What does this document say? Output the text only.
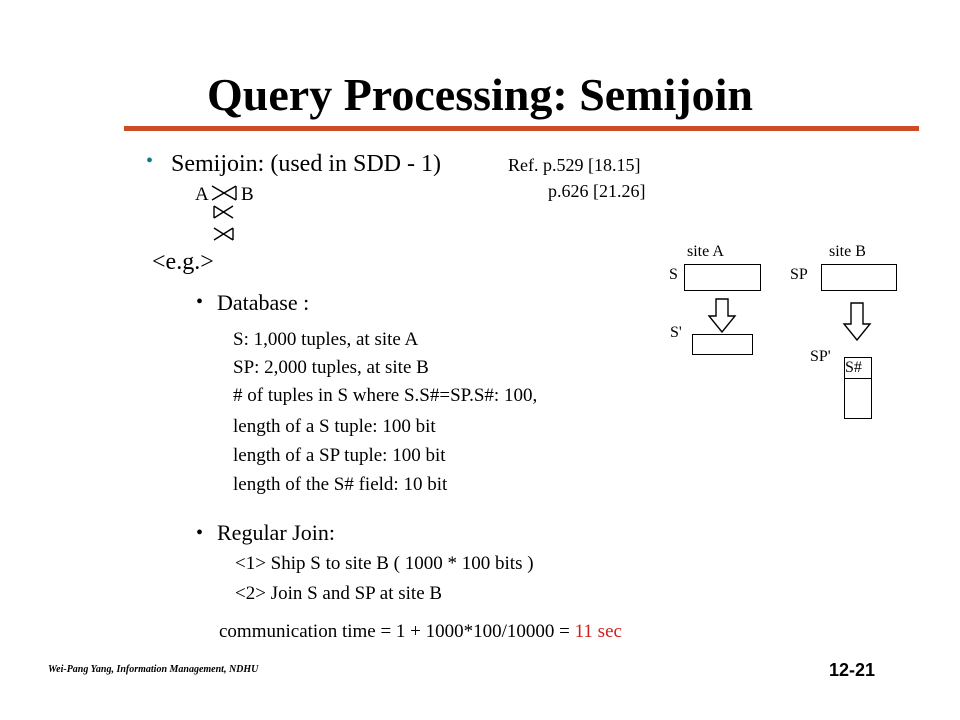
Query Processing: Semijoin
• Semijoin: (used in SDD - 1)
A B
Ref. p.529 [18.15]
p.626 [21.26]
<e.g.>
• Database :
S: 1,000 tuples, at site A
SP: 2,000 tuples, at site B
# of tuples in S where S.S#=SP.S#: 100,
length of a S tuple: 100 bit
length of a SP tuple: 100 bit
length of the S# field: 10 bit
• Regular Join:
<1> Ship S to site B ( 1000 * 100 bits )
<2> Join S and SP at site B
communication time = 1 + 1000*100/10000 = 11 sec
site A	site B
S	SP
S'
SP'
S#
Wei-Pang Yang, Information Management, NDHU	12-21
